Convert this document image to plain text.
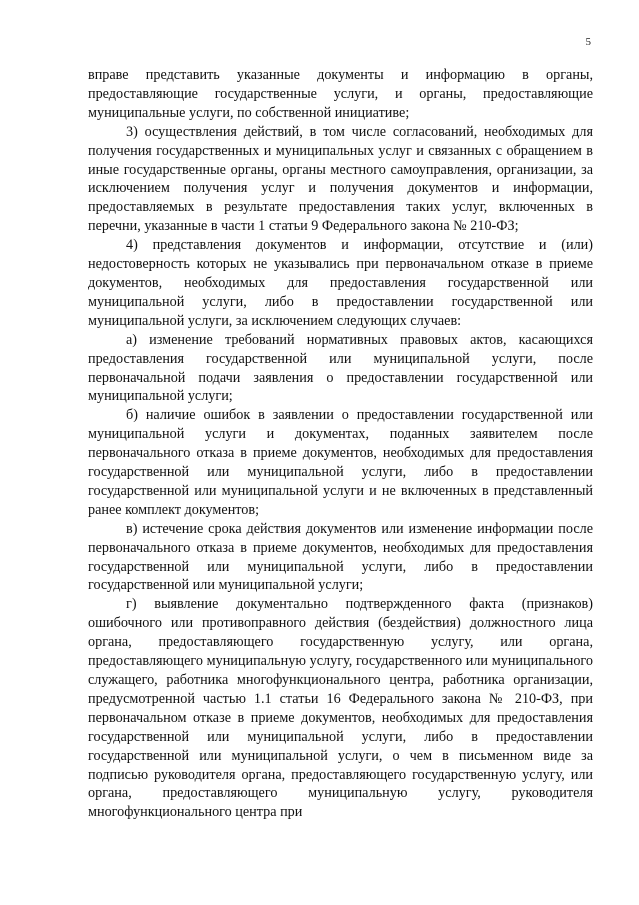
5

вправе представить указанные документы и информацию в органы, предоставляющие государственные услуги, и органы, предоставляющие муниципальные услуги, по собственной инициативе;

3) осуществления действий, в том числе согласований, необходимых для получения государственных и муниципальных услуг и связанных с обращением в иные государственные органы, органы местного самоуправления, организации, за исключением получения услуг и получения документов и информации, предоставляемых в результате предоставления таких услуг, включенных в перечни, указанные в части 1 статьи 9 Федерального закона № 210-ФЗ;

4) представления документов и информации, отсутствие и (или) недостоверность которых не указывались при первоначальном отказе в приеме документов, необходимых для предоставления государственной или муниципальной услуги, либо в предоставлении государственной или муниципальной услуги, за исключением следующих случаев:

а) изменение требований нормативных правовых актов, касающихся предоставления государственной или муниципальной услуги, после первоначальной подачи заявления о предоставлении государственной или муниципальной услуги;

б) наличие ошибок в заявлении о предоставлении государственной или муниципальной услуги и документах, поданных заявителем после первоначального отказа в приеме документов, необходимых для предоставления государственной или муниципальной услуги, либо в предоставлении государственной или муниципальной услуги и не включенных в представленный ранее комплект документов;

в) истечение срока действия документов или изменение информации после первоначального отказа в приеме документов, необходимых для предоставления государственной или муниципальной услуги, либо в предоставлении государственной или муниципальной услуги;

г) выявление документально подтвержденного факта (признаков) ошибочного или противоправного действия (бездействия) должностного лица органа, предоставляющего государственную услугу, или органа, предоставляющего муниципальную услугу, государственного или муниципального служащего, работника многофункционального центра, работника организации, предусмотренной частью 1.1 статьи 16 Федерального закона № 210-ФЗ, при первоначальном отказе в приеме документов, необходимых для предоставления государственной или муниципальной услуги, либо в предоставлении государственной или муниципальной услуги, о чем в письменном виде за подписью руководителя органа, предоставляющего государственную услугу, или органа, предоставляющего муниципальную услугу, руководителя многофункционального центра при
